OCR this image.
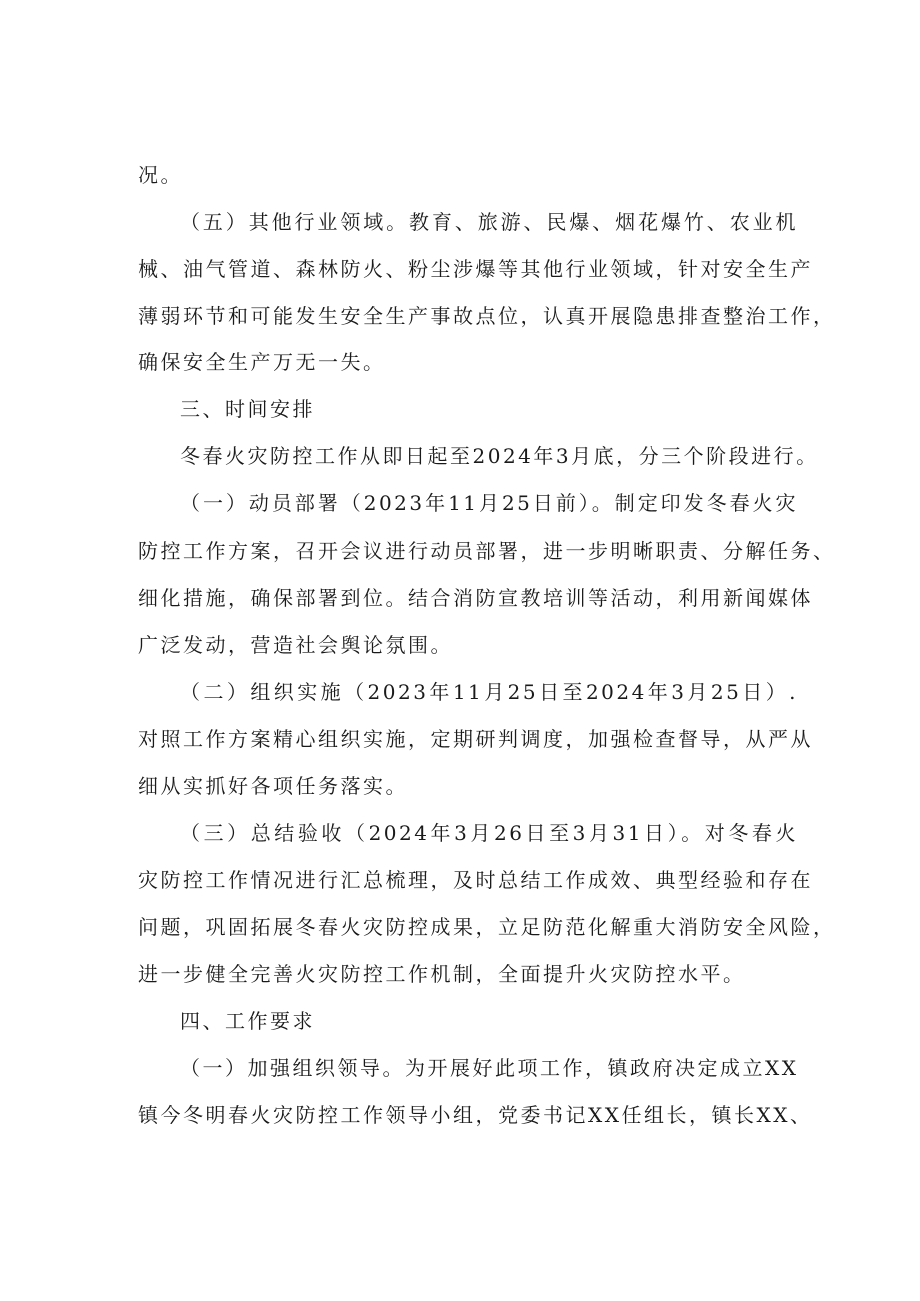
况。
（五）其他行业领域。教育、旅游、民爆、烟花爆竹、农业机
械、油气管道、森林防火、粉尘涉爆等其他行业领域，针对安全生产
薄弱环节和可能发生安全生产事故点位，认真开展隐患排查整治工作，
确保安全生产万无一失。
三、时间安排
冬春火灾防控工作从即日起至2024年3月底，分三个阶段进行。
（一）动员部署（2023年11月25日前）。制定印发冬春火灾
防控工作方案，召开会议进行动员部署，进一步明晰职责、分解任务、
细化措施，确保部署到位。结合消防宣教培训等活动，利用新闻媒体
广泛发动，营造社会舆论氛围。
（二）组织实施（2023年11月25日至2024年3月25日）.
对照工作方案精心组织实施，定期研判调度，加强检查督导，从严从
细从实抓好各项任务落实。
（三）总结验收（2024年3月26日至3月31日）。对冬春火
灾防控工作情况进行汇总梳理，及时总结工作成效、典型经验和存在
问题，巩固拓展冬春火灾防控成果，立足防范化解重大消防安全风险，
进一步健全完善火灾防控工作机制，全面提升火灾防控水平。
四、工作要求
（一）加强组织领导。为开展好此项工作，镇政府决定成立XX
镇今冬明春火灾防控工作领导小组，党委书记XX任组长，镇长XX、
